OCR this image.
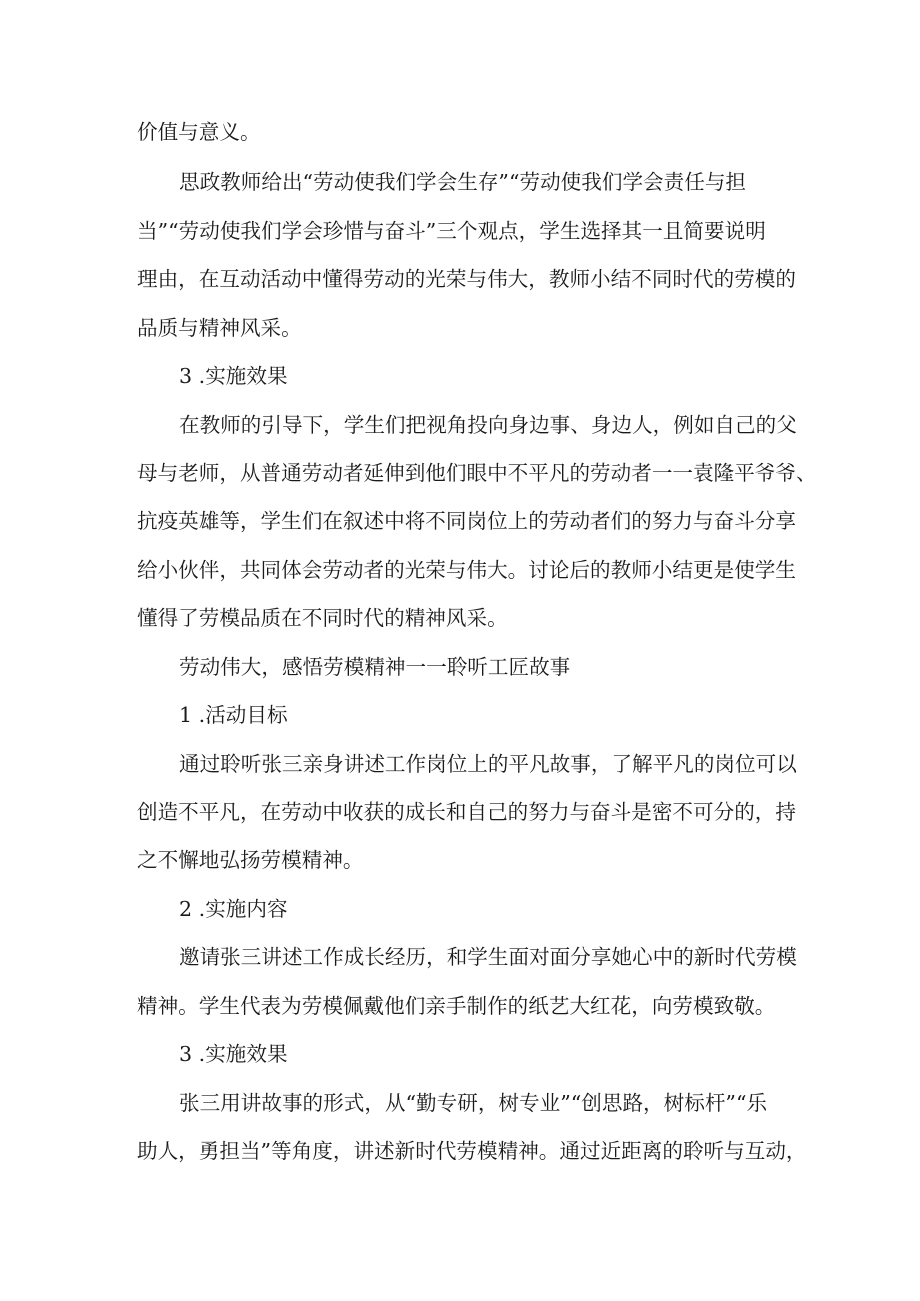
价值与意义。

思政教师给出“劳动使我们学会生存”“劳动使我们学会责任与担

当”“劳动使我们学会珍惜与奋斗”三个观点，学生选择其一且简要说明

理由，在互动活动中懂得劳动的光荣与伟大，教师小结不同时代的劳模的

品质与精神风采。

3 .实施效果

在教师的引导下，学生们把视角投向身边事、身边人，例如自己的父

母与老师，从普通劳动者延伸到他们眼中不平凡的劳动者一一袁隆平爷爷、

抗疫英雄等，学生们在叙述中将不同岗位上的劳动者们的努力与奋斗分享

给小伙伴，共同体会劳动者的光荣与伟大。讨论后的教师小结更是使学生

懂得了劳模品质在不同时代的精神风采。

劳动伟大，感悟劳模精神一一聆听工匠故事

1 .活动目标

通过聆听张三亲身讲述工作岗位上的平凡故事，了解平凡的岗位可以

创造不平凡，在劳动中收获的成长和自己的努力与奋斗是密不可分的，持

之不懈地弘扬劳模精神。

2 .实施内容

邀请张三讲述工作成长经历，和学生面对面分享她心中的新时代劳模

精神。学生代表为劳模佩戴他们亲手制作的纸艺大红花，向劳模致敬。

3 .实施效果

张三用讲故事的形式，从“勤专研，树专业”“创思路，树标杆”“乐

助人，勇担当”等角度，讲述新时代劳模精神。通过近距离的聆听与互动，
